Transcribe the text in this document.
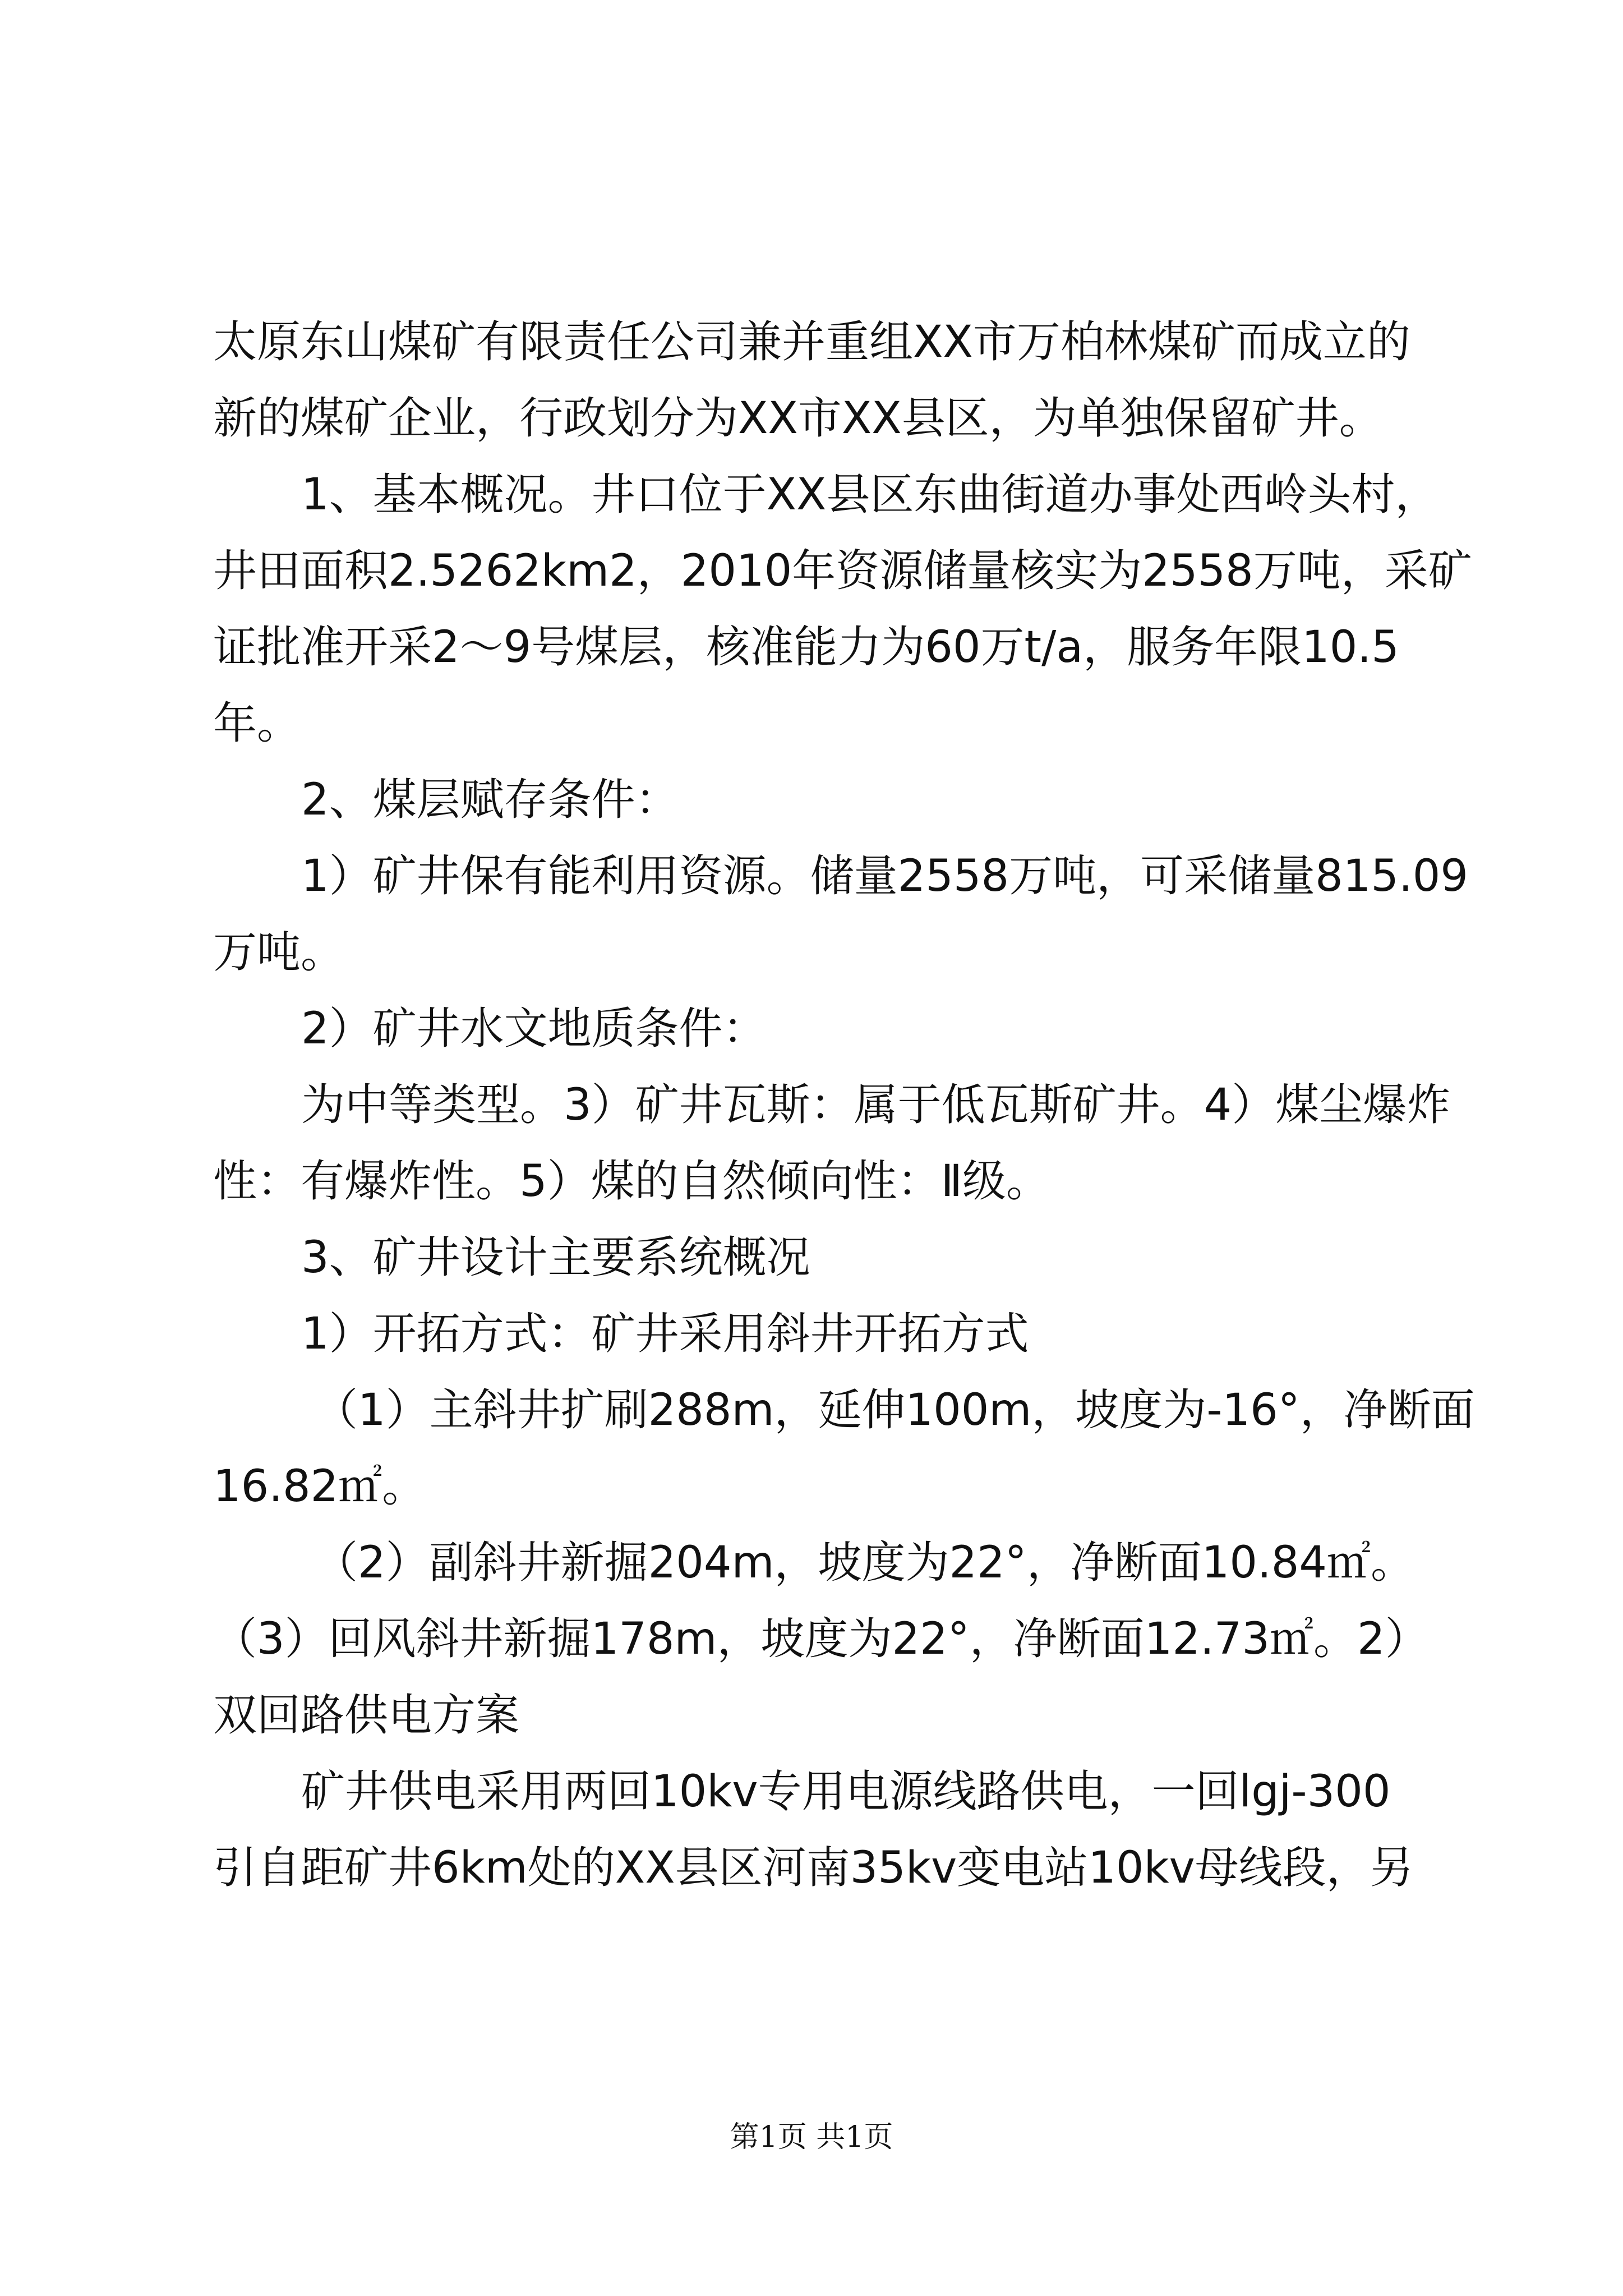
太原东山煤矿有限责任公司兼并重组XX市万柏林煤矿而成立的
新的煤矿企业，行政划分为XX市XX县区，为单独保留矿井。
1、基本概况。井口位于XX县区东曲街道办事处西岭头村，
井田面积2.5262km2，2010年资源储量核实为2558万吨，采矿
证批准开采2～9号煤层，核准能力为60万t/a，服务年限10.5
年。
2、煤层赋存条件：
1）矿井保有能利用资源。储量2558万吨，可采储量815.09
万吨。
2）矿井水文地质条件：
为中等类型。3）矿井瓦斯：属于低瓦斯矿井。4）煤尘爆炸
性：有爆炸性。5）煤的自然倾向性：Ⅱ级。
3、矿井设计主要系统概况
1）开拓方式：矿井采用斜井开拓方式
（1）主斜井扩刷288m，延伸100m，坡度为-16°，净断面
16.82㎡。
（2）副斜井新掘204m，坡度为22°，净断面10.84㎡。
（3）回风斜井新掘178m，坡度为22°，净断面12.73㎡。2）
双回路供电方案
矿井供电采用两回10kv专用电源线路供电，一回lgj-300
引自距矿井6km处的XX县区河南35kv变电站10kv母线段，另
第1页 共1页
